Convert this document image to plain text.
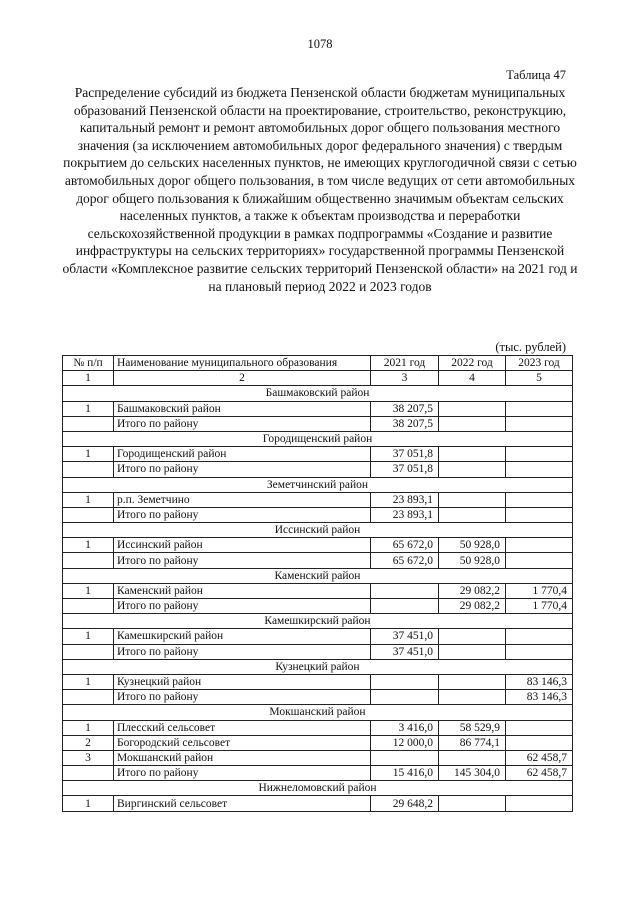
1078
Таблица 47
Распределение субсидий из бюджета Пензенской области бюджетам муниципальных образований Пензенской области на проектирование, строительство, реконструкцию, капитальный ремонт и ремонт автомобильных дорог общего пользования местного значения (за исключением автомобильных дорог федерального значения) с твердым покрытием до сельских населенных пунктов, не имеющих круглогодичной связи с сетью автомобильных дорог общего пользования, в том числе ведущих от сети автомобильных дорог общего пользования к ближайшим общественно значимым объектам сельских населенных пунктов, а также к объектам производства и переработки сельскохозяйственной продукции в рамках подпрограммы «Создание и развитие инфраструктуры на сельских территориях» государственной программы Пензенской области «Комплексное развитие сельских территорий Пензенской области» на 2021 год и на плановый период 2022 и 2023 годов
(тыс. рублей)
№ п/п	Наименование муниципального образования	2021 год	2022 год	2023 год
1	2	3	4	5
Башмаковский район				
1	Башмаковский район	38 207,5		
	Итого по району	38 207,5		
Городищенский район				
1	Городищенский район	37 051,8		
	Итого по району	37 051,8		
Земетчинский район				
1	р.п. Земетчино	23 893,1		
	Итого по району	23 893,1		
Иссинский район				
1	Иссинский район	65 672,0	50 928,0	
	Итого по району	65 672,0	50 928,0	
Каменский район				
1	Каменский район		29 082,2	1 770,4
	Итого по району		29 082,2	1 770,4
Камешкирский район				
1	Камешкирский район	37 451,0		
	Итого по району	37 451,0		
Кузнецкий район				
1	Кузнецкий район			83 146,3
	Итого по району			83 146,3
Мокшанский район				
1	Плесский сельсовет	3 416,0	58 529,9	
2	Богородский сельсовет	12 000,0	86 774,1	
3	Мокшанский район			62 458,7
	Итого по району	15 416,0	145 304,0	62 458,7
Нижнеломовский район				
1	Виргинский сельсовет	29 648,2		
